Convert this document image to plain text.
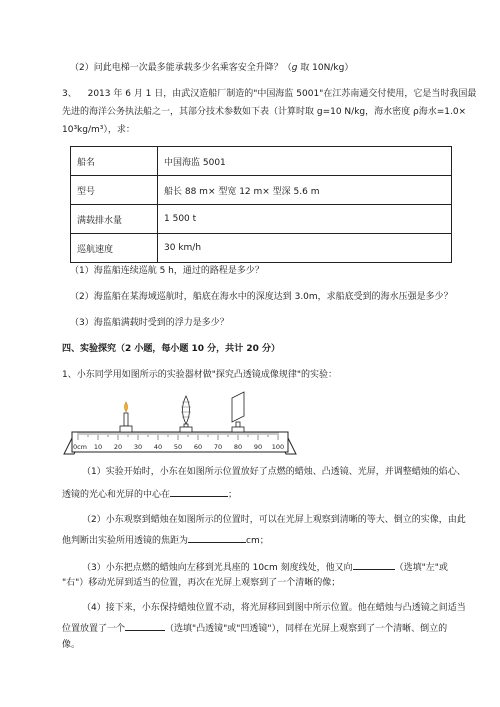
（2）问此电梯一次最多能承载多少名乘客安全升降？（g 取 10N/kg）
3、 2013 年 6 月 1 日，由武汉造船厂制造的"中国海监 5001"在江苏南通交付使用，它是当时我国最
先进的海洋公务执法船之一，其部分技术参数如下表（计算时取 g=10 N/kg，海水密度 ρ海水=1.0×
10³kg/m³），求：
船名	中国海监 5001
型号	船长 88 m× 型宽 12 m× 型深 5.6 m
满载排水量	1 500 t
巡航速度	30 km/h
（1）海监船连续巡航 5 h，通过的路程是多少？
（2）海监船在某海域巡航时，船底在海水中的深度达到 3.0m，求船底受到的海水压强是多少？
（3）海监船满载时受到的浮力是多少？
四、实验探究（2 小题，每小题 10 分，共计 20 分）
1、小东同学用如图所示的实验器材做"探究凸透镜成像规律"的实验：
0cm 10 20 30 40 50 60 70 80 90 100
（1）实验开始时，小东在如图所示位置放好了点燃的蜡烛、凸透镜、光屏，并调整蜡烛的焰心、
透镜的光心和光屏的中心在	；
（2）小东观察到蜡烛在如图所示的位置时，可以在光屏上观察到清晰的等大、倒立的实像，由此
他判断出实验所用透镜的焦距为	cm；
（3）小东把点燃的蜡烛向左移到光具座的 10cm 刻度线处，他又向	（选填"左"或
"右"）移动光屏到适当的位置，再次在光屏上观察到了一个清晰的像；
（4）接下来，小东保持蜡烛位置不动，将光屏移回到图中所示位置。他在蜡烛与凸透镜之间适当
位置放置了一个	（选填"凸透镜"或"凹透镜"），同样在光屏上观察到了一个清晰、倒立的
像。
